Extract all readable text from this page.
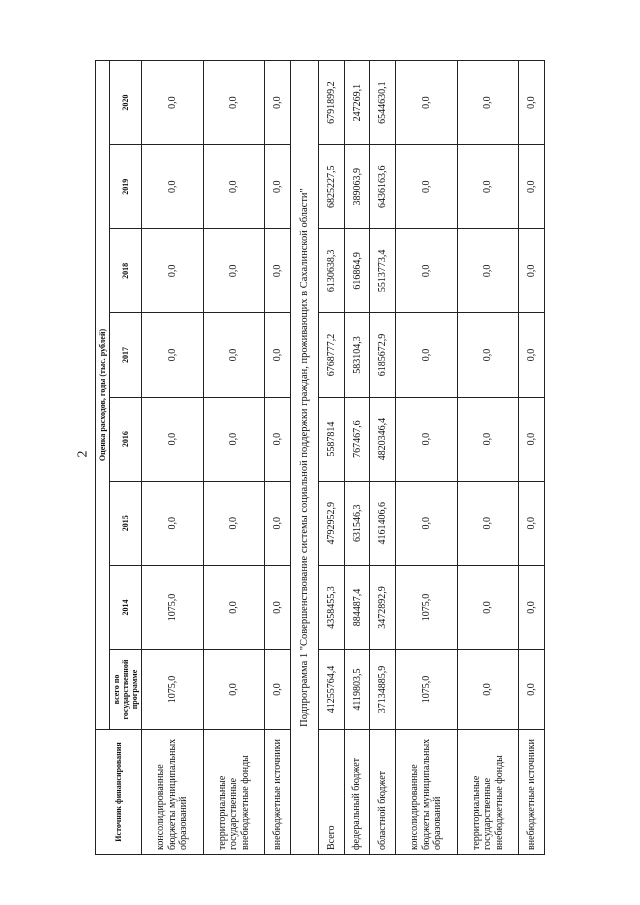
2
Источник финансирования	Оценка расходов, годы (тыс. рублей)							
	всего по государственной программе	2014	2015	2016	2017	2018	2019	2020
консолидированные бюджеты муниципальных образований	1075,0	1075,0	0,0	0,0	0,0	0,0	0,0	0,0
территориальные государственные внебюджетные фонды	0,0	0,0	0,0	0,0	0,0	0,0	0,0	0,0
внебюджетные источники	0,0	0,0	0,0	0,0	0,0	0,0	0,0	0,0
Подпрограмма 1 "Совершенствование системы социальной поддержки граждан, проживающих в Сахалинской области"								
Всего	41255764,4	4358455,3	4792952,9	5587814	6768777,2	6130638,3	6825227,5	6791899,2
федеральный бюджет	4119803,5	884487,4	631546,3	767467,6	583104,3	616864,9	389063,9	247269,1
областной бюджет	37134885,9	3472892,9	4161406,6	4820346,4	6185672,9	5513773,4	6436163,6	6544630,1
консолидированные бюджеты муниципальных образований	1075,0	1075,0	0,0	0,0	0,0	0,0	0,0	0,0
территориальные государственные внебюджетные фонды	0,0	0,0	0,0	0,0	0,0	0,0	0,0	0,0
внебюджетные источники	0,0	0,0	0,0	0,0	0,0	0,0	0,0	0,0
